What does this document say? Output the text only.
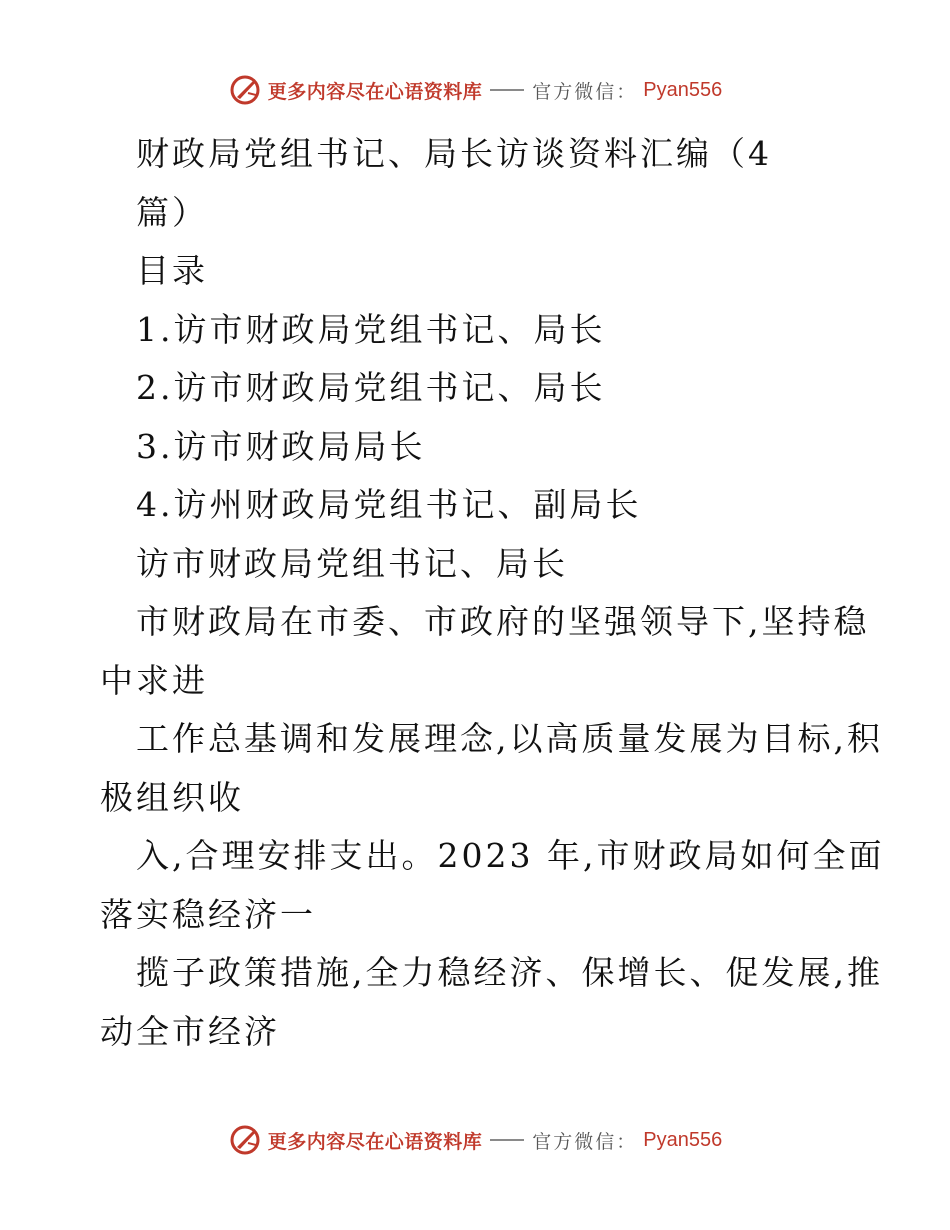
更多内容尽在心语资料库	官方微信： Pyan556
财政局党组书记、局长访谈资料汇编（4
篇）
目录
1.访市财政局党组书记、局长
2.访市财政局党组书记、局长
3.访市财政局局长
4.访州财政局党组书记、副局长
访市财政局党组书记、局长
市财政局在市委、市政府的坚强领导下,坚持稳
中求进
工作总基调和发展理念,以高质量发展为目标,积
极组织收
入,合理安排支出。2023 年,市财政局如何全面
落实稳经济一
揽子政策措施,全力稳经济、保增长、促发展,推
动全市经济
更多内容尽在心语资料库	官方微信： Pyan556
